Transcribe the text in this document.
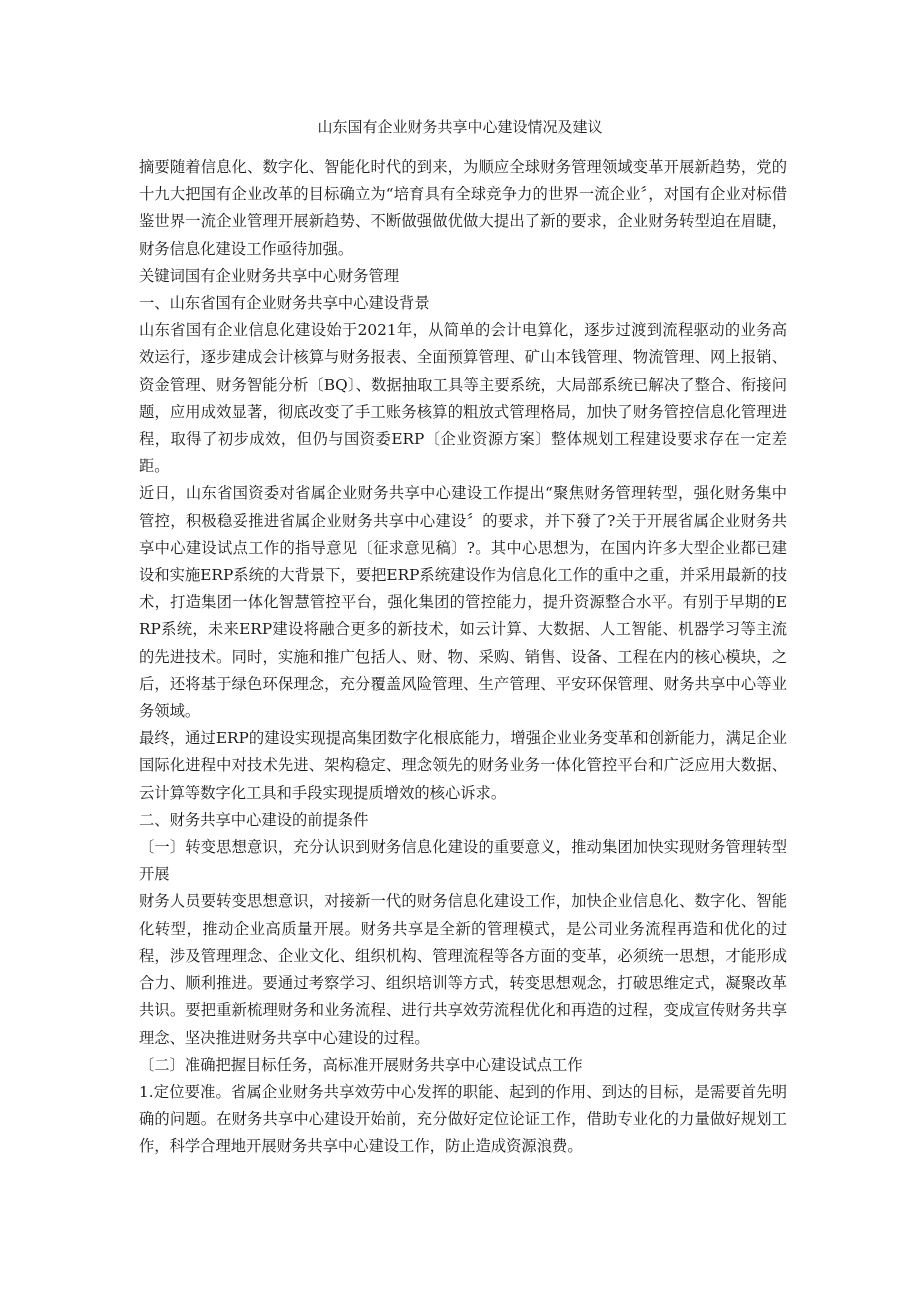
山东国有企业财务共享中心建设情况及建议

摘要随着信息化、数字化、智能化时代的到来，为顺应全球财务管理领域变革开展新趋势，党的十九大把国有企业改革的目标确立为“培育具有全球竞争力的世界一流企业〞，对国有企业对标借鉴世界一流企业管理开展新趋势、不断做强做优做大提出了新的要求，企业财务转型迫在眉睫，财务信息化建设工作亟待加强。

关键词国有企业财务共享中心财务管理

一、山东省国有企业财务共享中心建设背景

山东省国有企业信息化建设始于2021年，从简单的会计电算化，逐步过渡到流程驱动的业务高效运行，逐步建成会计核算与财务报表、全面预算管理、矿山本钱管理、物流管理、网上报销、资金管理、财务智能分析〔BQ〕、数据抽取工具等主要系统，大局部系统已解决了整合、衔接问题，应用成效显著，彻底改变了手工账务核算的粗放式管理格局，加快了财务管控信息化管理进程，取得了初步成效，但仍与国资委ERP〔企业资源方案〕整体规划工程建设要求存在一定差距。

近日，山东省国资委对省属企业财务共享中心建设工作提出“聚焦财务管理转型，强化财务集中管控，积极稳妥推进省属企业财务共享中心建设〞的要求，并下發了?关于开展省属企业财务共享中心建设试点工作的指导意见〔征求意见稿〕?。其中心思想为，在国内许多大型企业都已建设和实施ERP系统的大背景下，要把ERP系统建设作为信息化工作的重中之重，并采用最新的技术，打造集团一体化智慧管控平台，强化集团的管控能力，提升资源整合水平。有别于早期的ERP系统，未来ERP建设将融合更多的新技术，如云计算、大数据、人工智能、机器学习等主流的先进技术。同时，实施和推广包括人、财、物、采购、销售、设备、工程在内的核心模块，之后，还将基于绿色环保理念，充分覆盖风险管理、生产管理、平安环保管理、财务共享中心等业务领域。

最终，通过ERP的建设实现提高集团数字化根底能力，增强企业业务变革和创新能力，满足企业国际化进程中对技术先进、架构稳定、理念领先的财务业务一体化管控平台和广泛应用大数据、云计算等数字化工具和手段实现提质增效的核心诉求。

二、财务共享中心建设的前提条件

〔一〕转变思想意识，充分认识到财务信息化建设的重要意义，推动集团加快实现财务管理转型开展

财务人员要转变思想意识，对接新一代的财务信息化建设工作，加快企业信息化、数字化、智能化转型，推动企业高质量开展。财务共享是全新的管理模式，是公司业务流程再造和优化的过程，涉及管理理念、企业文化、组织机构、管理流程等各方面的变革，必须统一思想，才能形成合力、顺利推进。要通过考察学习、组织培训等方式，转变思想观念，打破思维定式，凝聚改革共识。要把重新梳理财务和业务流程、进行共享效劳流程优化和再造的过程，变成宣传财务共享理念、坚决推进财务共享中心建设的过程。

〔二〕准确把握目标任务，高标准开展财务共享中心建设试点工作

1.定位要准。省属企业财务共享效劳中心发挥的职能、起到的作用、到达的目标，是需要首先明确的问题。在财务共享中心建设开始前，充分做好定位论证工作，借助专业化的力量做好规划工作，科学合理地开展财务共享中心建设工作，防止造成资源浪费。
